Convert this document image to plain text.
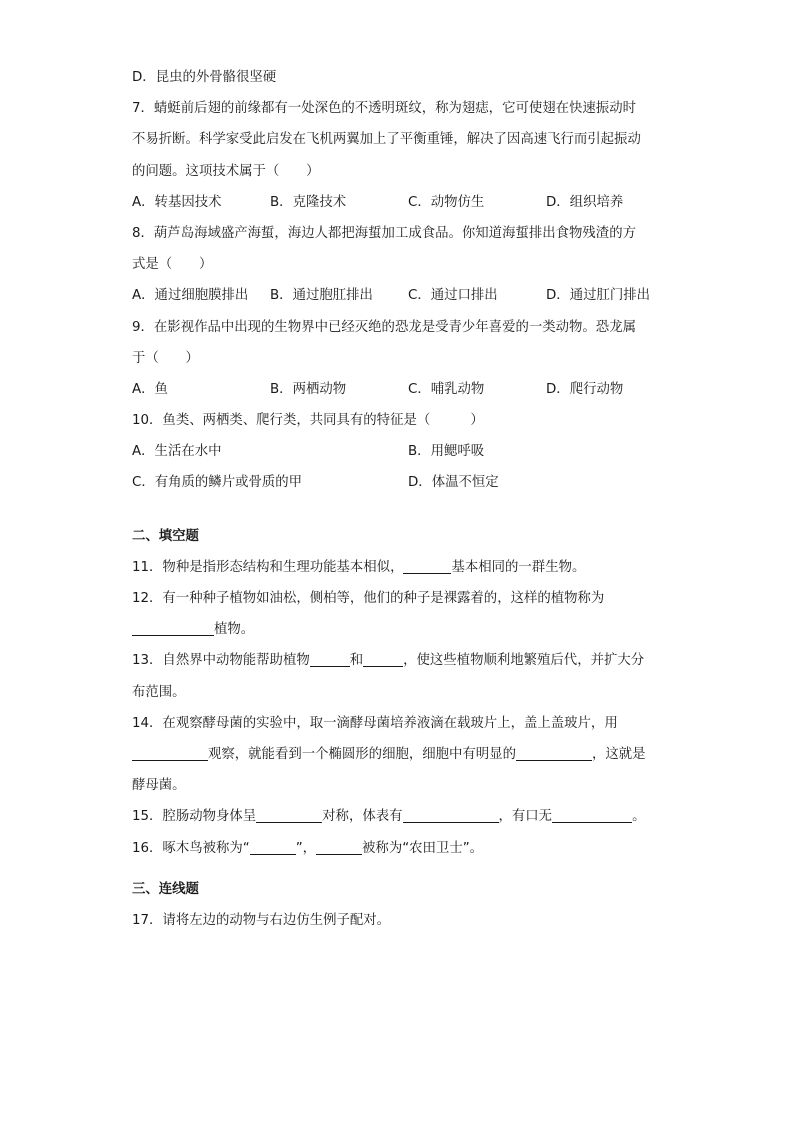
D．昆虫的外骨骼很坚硬
7．蜻蜓前后翅的前缘都有一处深色的不透明斑纹，称为翅痣，它可使翅在快速振动时
不易折断。科学家受此启发在飞机两翼加上了平衡重锤，解决了因高速飞行而引起振动
的问题。这项技术属于（　　）
A．转基因技术	B．克隆技术	C．动物仿生	D．组织培养
8．葫芦岛海域盛产海蜇，海边人都把海蜇加工成食品。你知道海蜇排出食物残渣的方
式是（　　）
A．通过细胞膜排出	B．通过胞肛排出	C．通过口排出	D．通过肛门排出
9．在影视作品中出现的生物界中已经灭绝的恐龙是受青少年喜爱的一类动物。恐龙属
于（　　）
A．鱼	B．两栖动物	C．哺乳动物	D．爬行动物
10．鱼类、两栖类、爬行类，共同具有的特征是（　　　）
A．生活在水中	B．用鳃呼吸
C．有角质的鳞片或骨质的甲	D．体温不恒定
二、填空题
11．物种是指形态结构和生理功能基本相似，	基本相同的一群生物。
12．有一种种子植物如油松，侧柏等，他们的种子是裸露着的，这样的植物称为
植物。
13．自然界中动物能帮助植物	和	，使这些植物顺利地繁殖后代，并扩大分
布范围。
14．在观察酵母菌的实验中，取一滴酵母菌培养液滴在载玻片上，盖上盖玻片，用
观察，就能看到一个椭圆形的细胞，细胞中有明显的	，这就是
酵母菌。
15．腔肠动物身体呈	对称，体表有	，有口无	。
16．啄木鸟被称为“	”，	被称为“农田卫士”。
三、连线题
17．请将左边的动物与右边仿生例子配对。
